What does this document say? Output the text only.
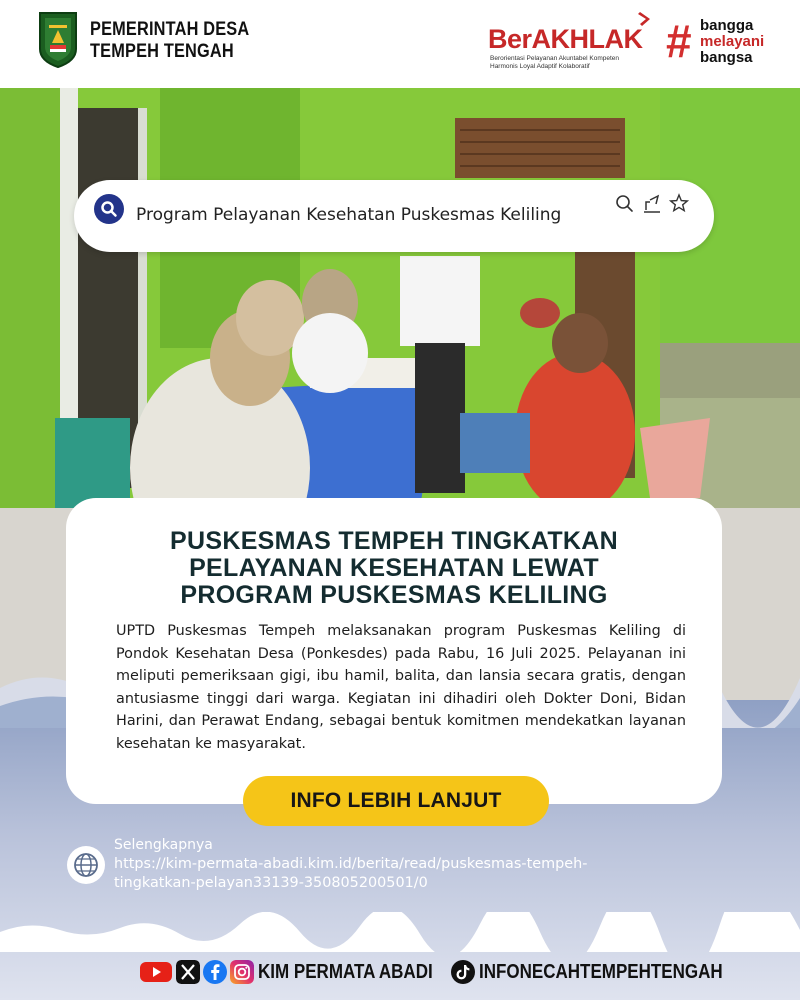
PEMERINTAH DESA
TEMPEH TENGAH	BerAKHLAK
Berorientasi Pelayanan Akuntabel Kompeten
Harmonis Loyal Adaptif Kolaboratif	# bangga
melayani
bangsa
Program Pelayanan Kesehatan Puskesmas Keliling
PUSKESMAS TEMPEH TINGKATKAN
PELAYANAN KESEHATAN LEWAT
PROGRAM PUSKESMAS KELILING

UPTD Puskesmas Tempeh melaksanakan program Puskesmas Keliling di Pondok Kesehatan Desa (Ponkesdes) pada Rabu, 16 Juli 2025. Pelayanan ini meliputi pemeriksaan gigi, ibu hamil, balita, dan lansia secara gratis, dengan antusiasme tinggi dari warga. Kegiatan ini dihadiri oleh Dokter Doni, Bidan Harini, dan Perawat Endang, sebagai bentuk komitmen mendekatkan layanan kesehatan ke masyarakat.

INFO LEBIH LANJUT
Selengkapnya
https://kim-permata-abadi.kim.id/berita/read/puskesmas-tempeh-
tingkatkan-pelayan33139-350805200501/0
KIM PERMATA ABADI INFONECAHTEMPEHTENGAH
